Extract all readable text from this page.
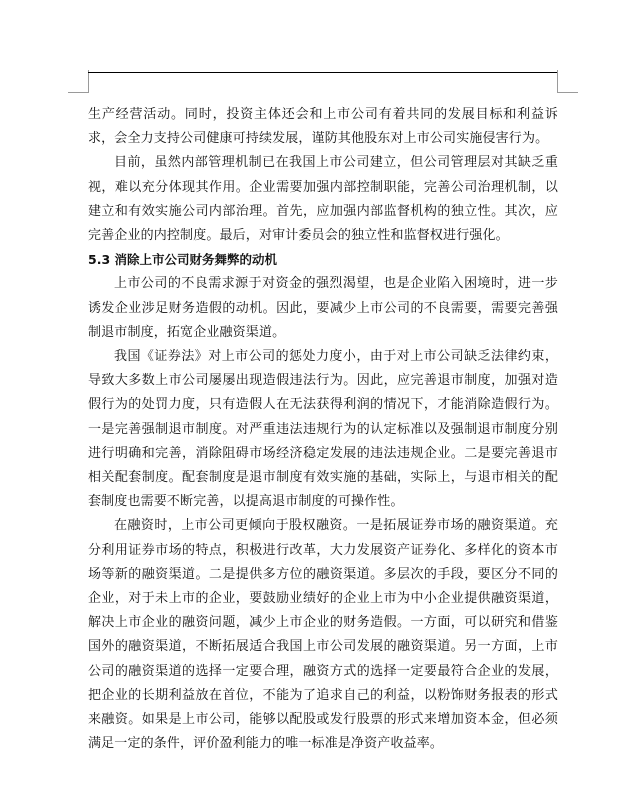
生产经营活动。同时，投资主体还会和上市公司有着共同的发展目标和利益诉求，会全力支持公司健康可持续发展，谨防其他股东对上市公司实施侵害行为。

目前，虽然内部管理机制已在我国上市公司建立，但公司管理层对其缺乏重视，难以充分体现其作用。企业需要加强内部控制职能，完善公司治理机制，以建立和有效实施公司内部治理。首先，应加强内部监督机构的独立性。其次，应完善企业的内控制度。最后，对审计委员会的独立性和监督权进行强化。

5.3 消除上市公司财务舞弊的动机

上市公司的不良需求源于对资金的强烈渴望，也是企业陷入困境时，进一步诱发企业涉足财务造假的动机。因此，要减少上市公司的不良需要，需要完善强制退市制度，拓宽企业融资渠道。

我国《证券法》对上市公司的惩处力度小，由于对上市公司缺乏法律约束，导致大多数上市公司屡屡出现造假违法行为。因此，应完善退市制度，加强对造假行为的处罚力度，只有造假人在无法获得利润的情况下，才能消除造假行为。一是完善强制退市制度。对严重违法违规行为的认定标准以及强制退市制度分别进行明确和完善，消除阻碍市场经济稳定发展的违法违规企业。二是要完善退市相关配套制度。配套制度是退市制度有效实施的基础，实际上，与退市相关的配套制度也需要不断完善，以提高退市制度的可操作性。

在融资时，上市公司更倾向于股权融资。一是拓展证券市场的融资渠道。充分利用证券市场的特点，积极进行改革，大力发展资产证券化、多样化的资本市场等新的融资渠道。二是提供多方位的融资渠道。多层次的手段，要区分不同的企业，对于未上市的企业，要鼓励业绩好的企业上市为中小企业提供融资渠道，解决上市企业的融资问题，减少上市企业的财务造假。一方面，可以研究和借鉴国外的融资渠道，不断拓展适合我国上市公司发展的融资渠道。另一方面，上市公司的融资渠道的选择一定要合理，融资方式的选择一定要最符合企业的发展，把企业的长期利益放在首位，不能为了追求自己的利益，以粉饰财务报表的形式来融资。如果是上市公司，能够以配股或发行股票的形式来增加资本金，但必须满足一定的条件，评价盈利能力的唯一标准是净资产收益率。
